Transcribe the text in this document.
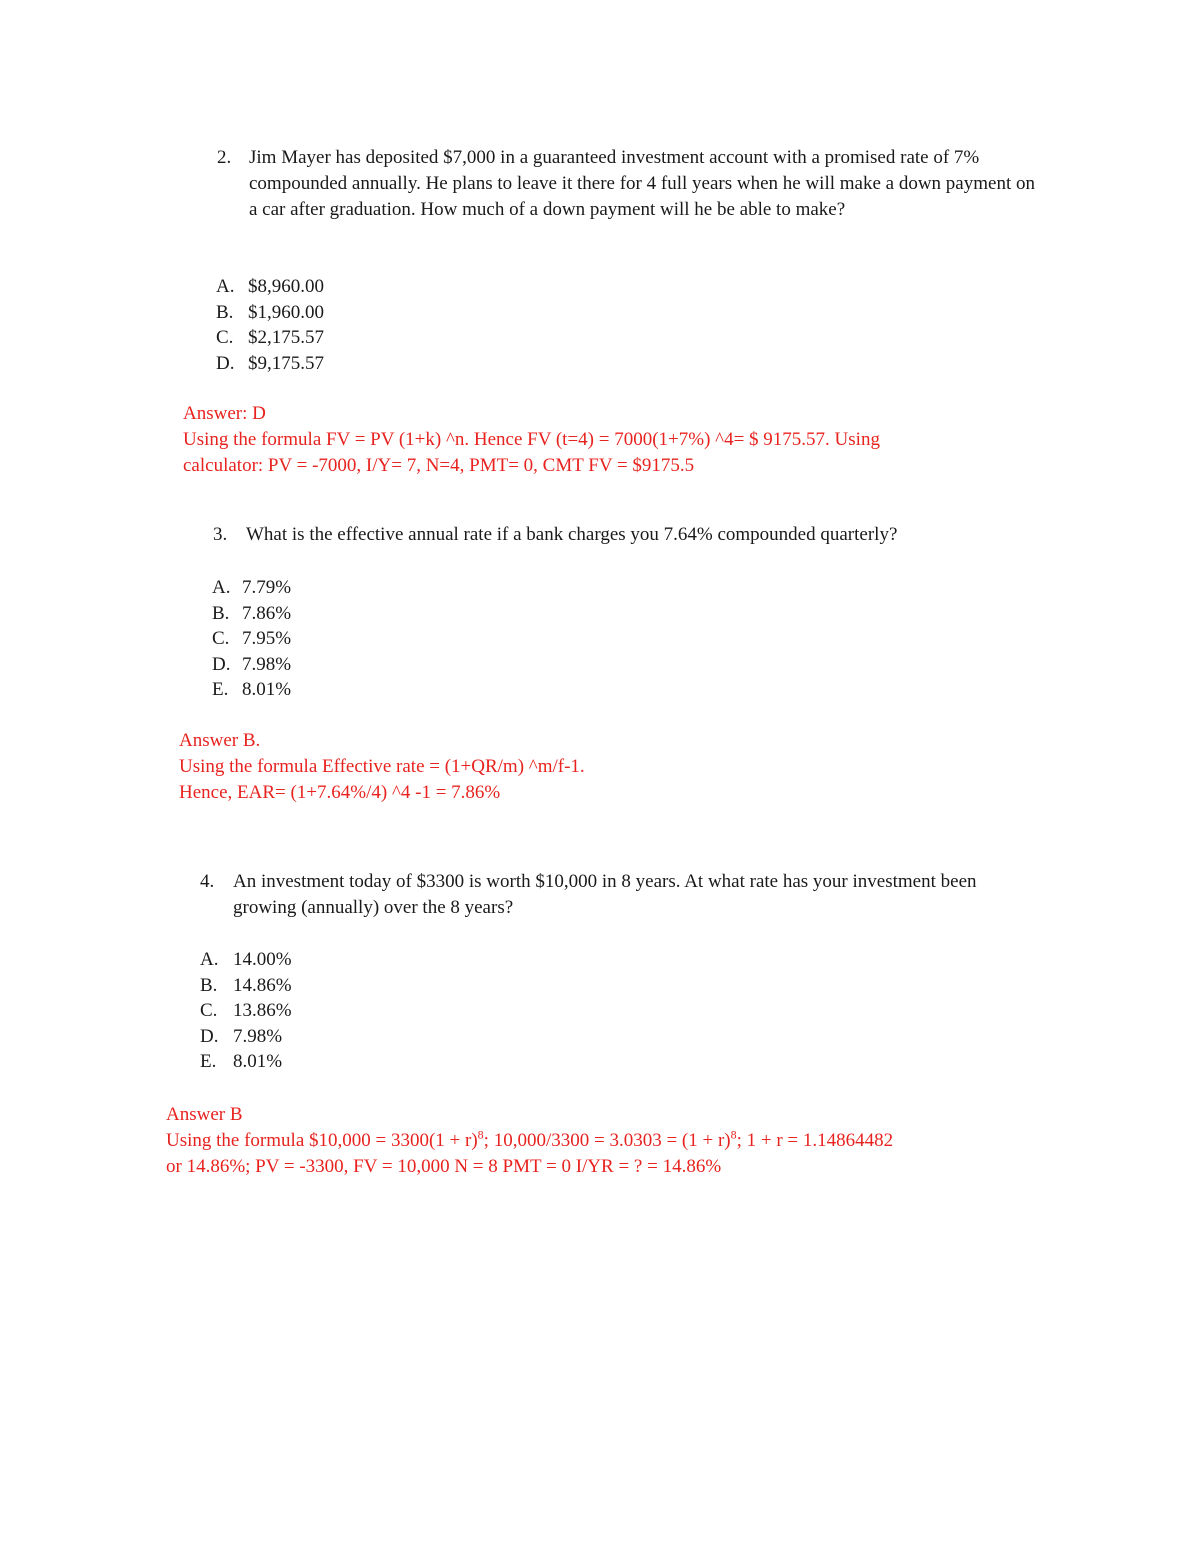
2. Jim Mayer has deposited $7,000 in a guaranteed investment account with a promised rate of 7% compounded annually. He plans to leave it there for 4 full years when he will make a down payment on a car after graduation. How much of a down payment will he be able to make?
A. $8,960.00
B. $1,960.00
C. $2,175.57
D. $9,175.57
Answer: D
Using the formula FV = PV (1+k) ^n. Hence FV (t=4) = 7000(1+7%) ^4= $ 9175.57. Using
calculator: PV = -7000, I/Y= 7, N=4, PMT= 0, CMT FV = $9175.5
3. What is the effective annual rate if a bank charges you 7.64% compounded quarterly?
A. 7.79%
B. 7.86%
C. 7.95%
D. 7.98%
E. 8.01%
Answer B.
Using the formula Effective rate = (1+QR/m) ^m/f-1.
Hence, EAR= (1+7.64%/4) ^4 -1 = 7.86%
4. An investment today of $3300 is worth $10,000 in 8 years. At what rate has your investment been growing (annually) over the 8 years?
A. 14.00%
B. 14.86%
C. 13.86%
D. 7.98%
E. 8.01%
Answer B
Using the formula $10,000 = $3300(1 + r)^8$; $10,000/3300 = 3.0303 = (1 + r)^8$; 1 + r = 1.14864482
or 14.86%; PV = -3300, FV = 10,000 N = 8 PMT = 0 I/YR = ? = 14.86%
